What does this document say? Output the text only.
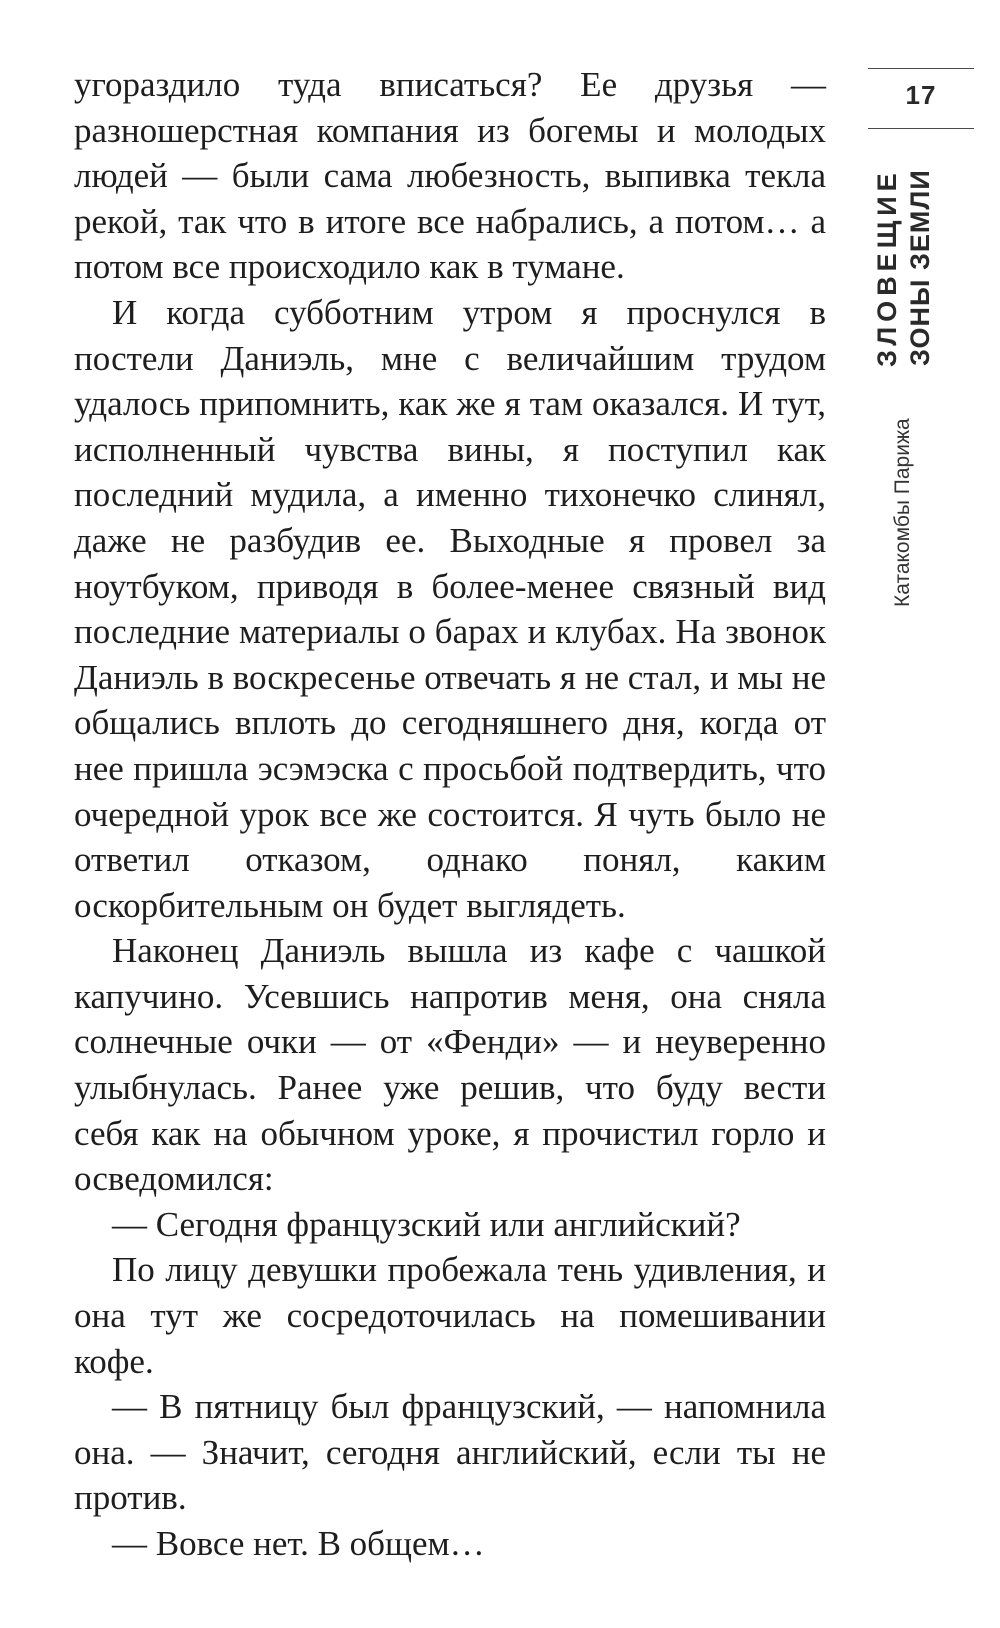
угораздило туда вписаться? Ее друзья — разношерстная компания из богемы и молодых людей — были сама любезность, выпивка текла рекой, так что в итоге все набрались, а потом… а потом все происходило как в тумане.

И когда субботним утром я проснулся в постели Даниэль, мне с величайшим трудом удалось припомнить, как же я там оказался. И тут, исполненный чувства вины, я поступил как последний мудила, а именно тихонечко слинял, даже не разбудив ее. Выходные я провел за ноутбуком, приводя в более-менее связный вид последние материалы о барах и клубах. На звонок Даниэль в воскресенье отвечать я не стал, и мы не общались вплоть до сегодняшнего дня, когда от нее пришла эсэмэска с просьбой подтвердить, что очередной урок все же состоится. Я чуть было не ответил отказом, однако понял, каким оскорбительным он будет выглядеть.

Наконец Даниэль вышла из кафе с чашкой капучино. Усевшись напротив меня, она сняла солнечные очки — от «Фенди» — и неуверенно улыбнулась. Ранее уже решив, что буду вести себя как на обычном уроке, я прочистил горло и осведомился:

— Сегодня французский или английский?

По лицу девушки пробежала тень удивления, и она тут же сосредоточилась на помешивании кофе.

— В пятницу был французский, — напомнила она. — Значит, сегодня английский, если ты не против.

— Вовсе нет. В общем…

17
ЗЛОВЕЩИЕ ЗОНЫ ЗЕМЛИ
Катакомбы Парижа
